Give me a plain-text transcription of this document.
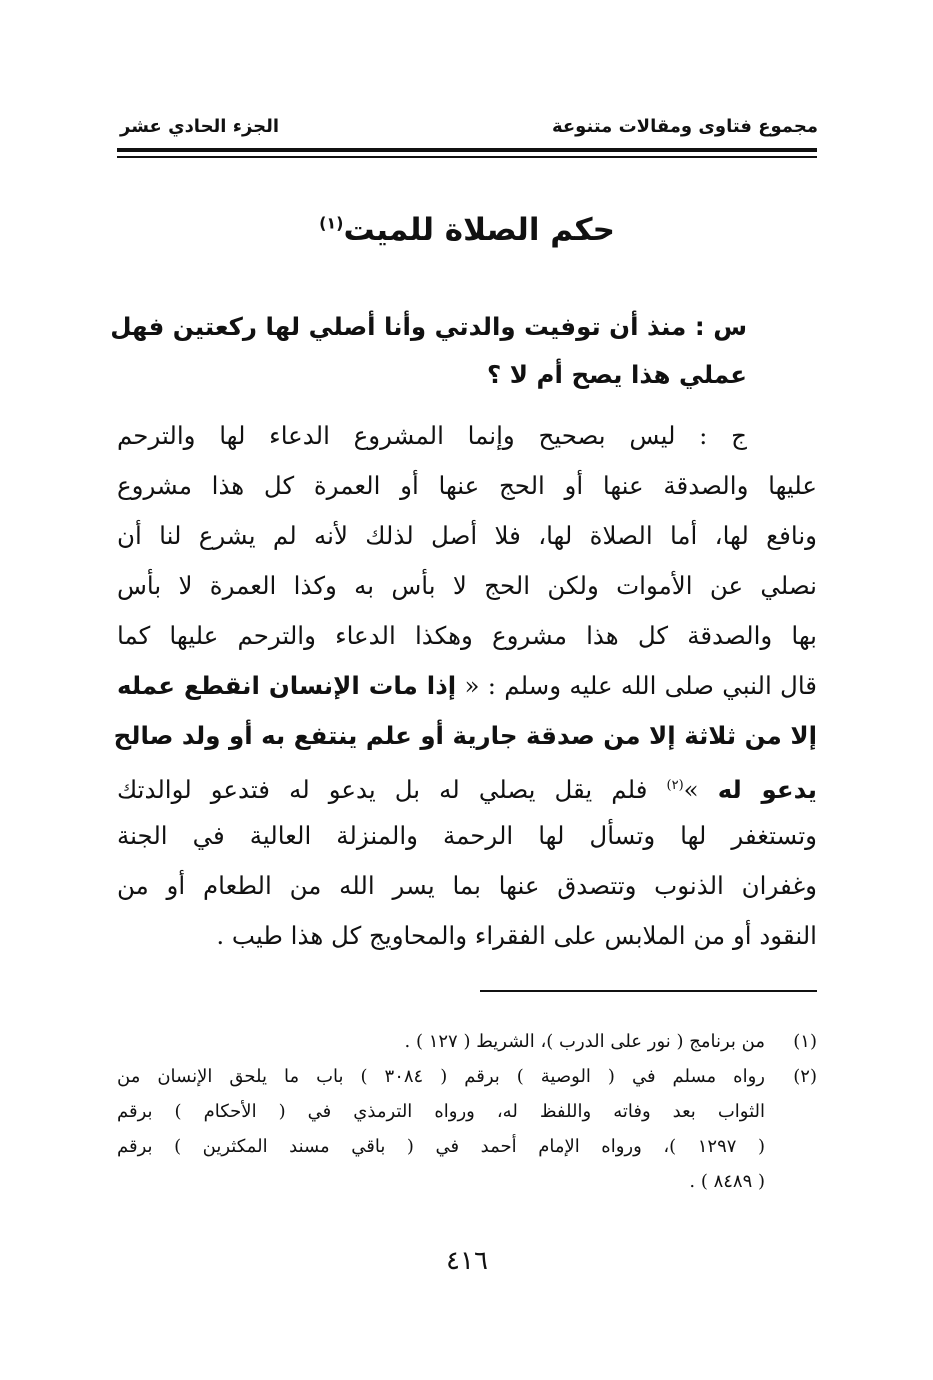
مجموع فتاوى ومقالات متنوعة
الجزء الحادي عشر
حكم الصلاة للميت$^{(١)}$
س : منذ أن توفيت والدتي وأنا أصلي لها ركعتين فهل
عملي هذا يصح أم لا ؟
ج : ليس بصحيح وإنما المشروع الدعاء لها والترحم
عليها والصدقة عنها أو الحج عنها أو العمرة كل هذا مشروع
ونافع لها، أما الصلاة لها، فلا أصل لذلك لأنه لم يشرع لنا أن
نصلي عن الأموات ولكن الحج لا بأس به وكذا العمرة لا بأس
بها والصدقة كل هذا مشروع وهكذا الدعاء والترحم عليها كما
قال النبي صلى الله عليه وسلم : « إذا مات الإنسان انقطع عمله
إلا من ثلاثة إلا من صدقة جارية أو علم ينتفع به أو ولد صالح
يدعو له »$^{(٢)}$ فلم يقل يصلي له بل يدعو له فتدعو لوالدتك
وتستغفر لها وتسأل لها الرحمة والمنزلة العالية في الجنة
وغفران الذنوب وتتصدق عنها بما يسر الله من الطعام أو من
النقود أو من الملابس على الفقراء والمحاويج كل هذا طيب .
(١)
من برنامج ( نور على الدرب )، الشريط ( ١٢٧ ) .
(٢)
رواه مسلم في ( الوصية ) برقم ( ٣٠٨٤ ) باب ما يلحق الإنسان من
الثواب بعد وفاته واللفظ له، ورواه الترمذي في ( الأحكام ) برقم
( ١٢٩٧ )، ورواه الإمام أحمد في ( باقي مسند المكثرين ) برقم
( ٨٤٨٩ ) .
٤١٦
